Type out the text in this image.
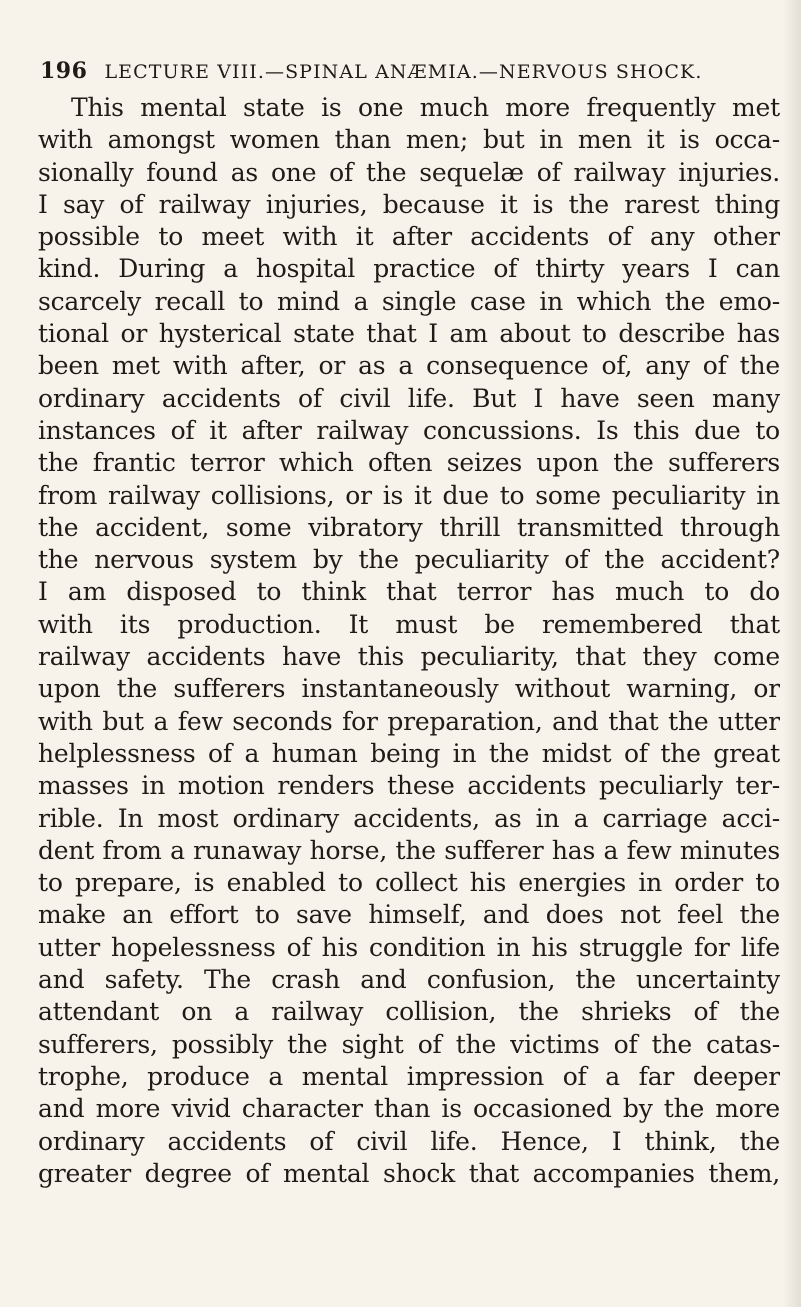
196 LECTURE VIII.—SPINAL ANÆMIA.—NERVOUS SHOCK.
This mental state is one much more frequently met
with amongst women than men; but in men it is occa-
sionally found as one of the sequelæ of railway injuries.
I say of railway injuries, because it is the rarest thing
possible to meet with it after accidents of any other
kind. During a hospital practice of thirty years I can
scarcely recall to mind a single case in which the emo-
tional or hysterical state that I am about to describe has
been met with after, or as a consequence of, any of the
ordinary accidents of civil life. But I have seen many
instances of it after railway concussions. Is this due to
the frantic terror which often seizes upon the sufferers
from railway collisions, or is it due to some peculiarity in
the accident, some vibratory thrill transmitted through
the nervous system by the peculiarity of the accident?
I am disposed to think that terror has much to do
with its production. It must be remembered that
railway accidents have this peculiarity, that they come
upon the sufferers instantaneously without warning, or
with but a few seconds for preparation, and that the utter
helplessness of a human being in the midst of the great
masses in motion renders these accidents peculiarly ter-
rible. In most ordinary accidents, as in a carriage acci-
dent from a runaway horse, the sufferer has a few minutes
to prepare, is enabled to collect his energies in order to
make an effort to save himself, and does not feel the
utter hopelessness of his condition in his struggle for life
and safety. The crash and confusion, the uncertainty
attendant on a railway collision, the shrieks of the
sufferers, possibly the sight of the victims of the catas-
trophe, produce a mental impression of a far deeper
and more vivid character than is occasioned by the more
ordinary accidents of civil life. Hence, I think, the
greater degree of mental shock that accompanies them,
